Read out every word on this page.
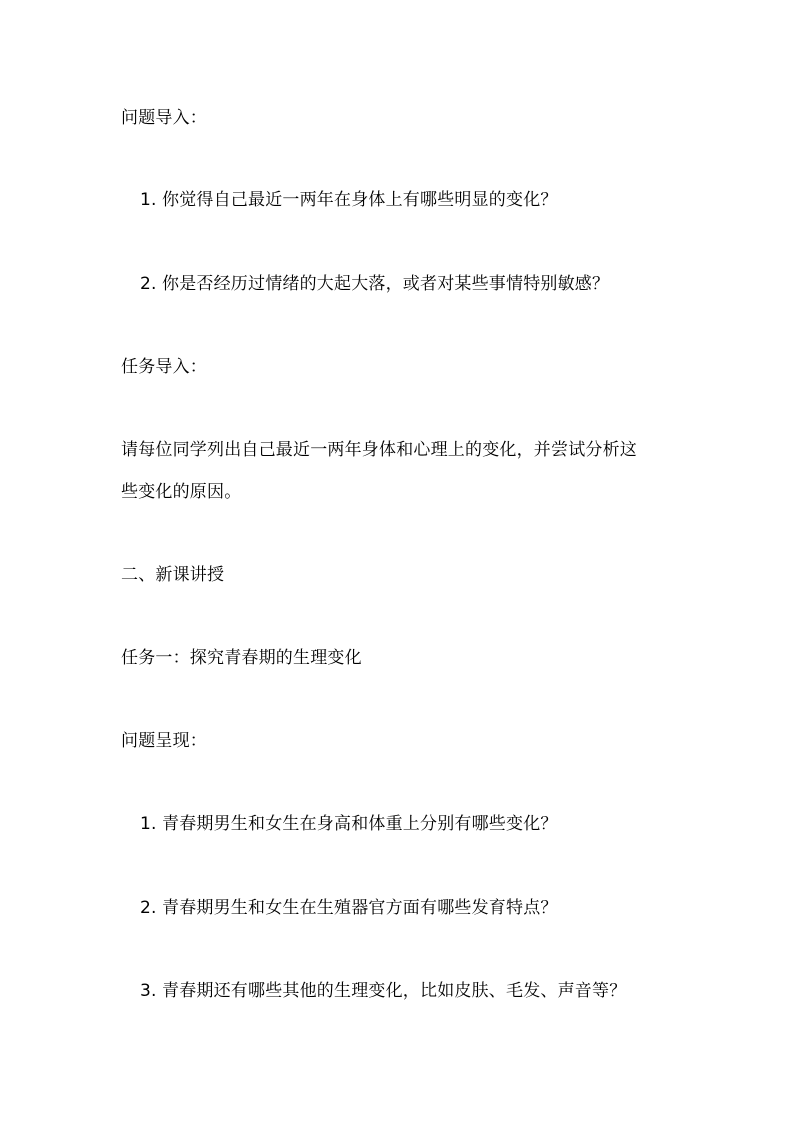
问题导入：
1. 你觉得自己最近一两年在身体上有哪些明显的变化？
2. 你是否经历过情绪的大起大落，或者对某些事情特别敏感？
任务导入：
请每位同学列出自己最近一两年身体和心理上的变化，并尝试分析这
些变化的原因。
二、新课讲授
任务一：探究青春期的生理变化
问题呈现：
1. 青春期男生和女生在身高和体重上分别有哪些变化？
2. 青春期男生和女生在生殖器官方面有哪些发育特点？
3. 青春期还有哪些其他的生理变化，比如皮肤、毛发、声音等？
